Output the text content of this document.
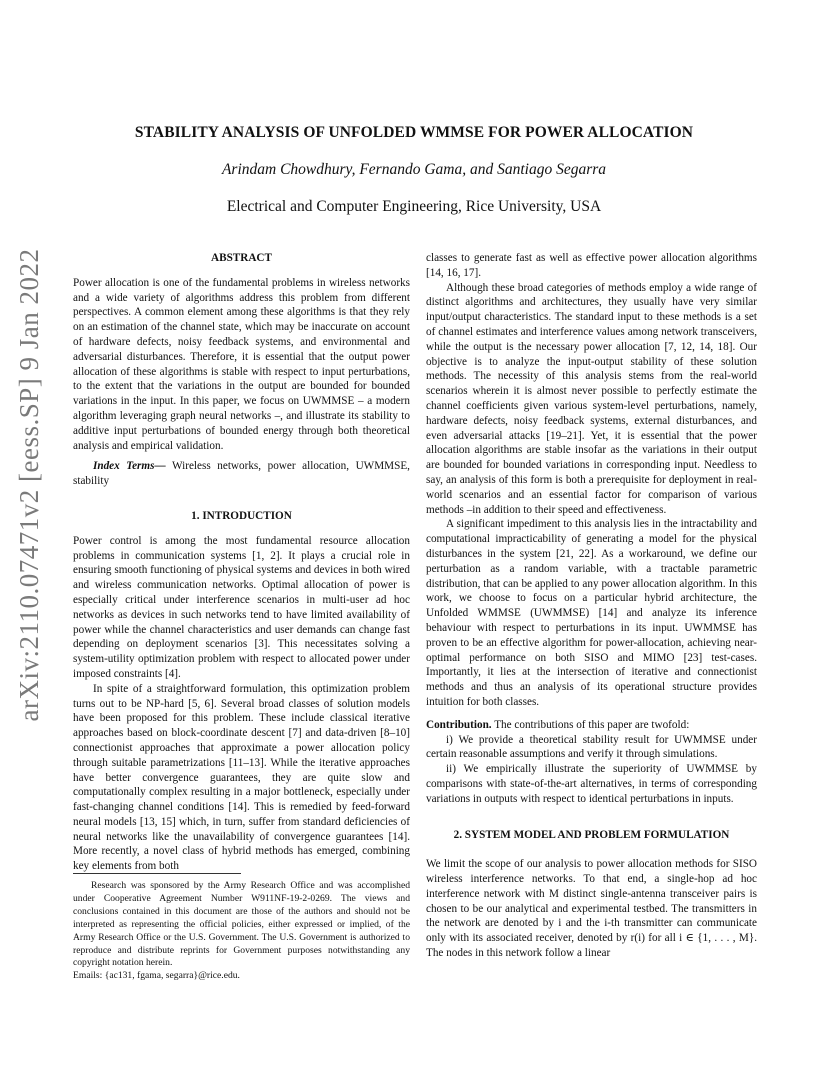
arXiv:2110.07471v2 [eess.SP] 9 Jan 2022
STABILITY ANALYSIS OF UNFOLDED WMMSE FOR POWER ALLOCATION
Arindam Chowdhury, Fernando Gama, and Santiago Segarra
Electrical and Computer Engineering, Rice University, USA

ABSTRACT

Power allocation is one of the fundamental problems in wireless networks and a wide variety of algorithms address this problem from different perspectives. A common element among these algorithms is that they rely on an estimation of the channel state, which may be inaccurate on account of hardware defects, noisy feedback systems, and environmental and adversarial disturbances. Therefore, it is essential that the output power allocation of these algorithms is stable with respect to input perturbations, to the extent that the variations in the output are bounded for bounded variations in the input. In this paper, we focus on UWMMSE – a modern algorithm leveraging graph neural networks –, and illustrate its stability to additive input perturbations of bounded energy through both theoretical analysis and empirical validation.

Index Terms— Wireless networks, power allocation, UWMMSE, stability

1. INTRODUCTION

Power control is among the most fundamental resource allocation problems in communication systems [1, 2]. It plays a crucial role in ensuring smooth functioning of physical systems and devices in both wired and wireless communication networks. Optimal allocation of power is especially critical under interference scenarios in multi-user ad hoc networks as devices in such networks tend to have limited availability of power while the channel characteristics and user demands can change fast depending on deployment scenarios [3]. This necessitates solving a system-utility optimization problem with respect to allocated power under imposed constraints [4].

In spite of a straightforward formulation, this optimization problem turns out to be NP-hard [5, 6]. Several broad classes of solution models have been proposed for this problem. These include classical iterative approaches based on block-coordinate descent [7] and data-driven [8–10] connectionist approaches that approximate a power allocation policy through suitable parametrizations [11–13]. While the iterative approaches have better convergence guarantees, they are quite slow and computationally complex resulting in a major bottleneck, especially under fast-changing channel conditions [14]. This is remedied by feed-forward neural models [13, 15] which, in turn, suffer from standard deficiencies of neural networks like the unavailability of convergence guarantees [14]. More recently, a novel class of hybrid methods has emerged, combining key elements from both

Research was sponsored by the Army Research Office and was accomplished under Cooperative Agreement Number W911NF-19-2-0269. The views and conclusions contained in this document are those of the authors and should not be interpreted as representing the official policies, either expressed or implied, of the Army Research Office or the U.S. Government. The U.S. Government is authorized to reproduce and distribute reprints for Government purposes notwithstanding any copyright notation herein.

Emails: {ac131, fgama, segarra}@rice.edu.

classes to generate fast as well as effective power allocation algorithms [14, 16, 17].

Although these broad categories of methods employ a wide range of distinct algorithms and architectures, they usually have very similar input/output characteristics. The standard input to these methods is a set of channel estimates and interference values among network transceivers, while the output is the necessary power allocation [7, 12, 14, 18]. Our objective is to analyze the input-output stability of these solution methods. The necessity of this analysis stems from the real-world scenarios wherein it is almost never possible to perfectly estimate the channel coefficients given various system-level perturbations, namely, hardware defects, noisy feedback systems, external disturbances, and even adversarial attacks [19–21]. Yet, it is essential that the power allocation algorithms are stable insofar as the variations in their output are bounded for bounded variations in corresponding input. Needless to say, an analysis of this form is both a prerequisite for deployment in real-world scenarios and an essential factor for comparison of various methods –in addition to their speed and effectiveness.

A significant impediment to this analysis lies in the intractability and computational impracticability of generating a model for the physical disturbances in the system [21, 22]. As a workaround, we define our perturbation as a random variable, with a tractable parametric distribution, that can be applied to any power allocation algorithm. In this work, we choose to focus on a particular hybrid architecture, the Unfolded WMMSE (UWMMSE) [14] and analyze its inference behaviour with respect to perturbations in its input. UWMMSE has proven to be an effective algorithm for power-allocation, achieving near-optimal performance on both SISO and MIMO [23] test-cases. Importantly, it lies at the intersection of iterative and connectionist methods and thus an analysis of its operational structure provides intuition for both classes.

Contribution. The contributions of this paper are twofold:

i) We provide a theoretical stability result for UWMMSE under certain reasonable assumptions and verify it through simulations.

ii) We empirically illustrate the superiority of UWMMSE by comparisons with state-of-the-art alternatives, in terms of corresponding variations in outputs with respect to identical perturbations in inputs.

2. SYSTEM MODEL AND PROBLEM FORMULATION

We limit the scope of our analysis to power allocation methods for SISO wireless interference networks. To that end, a single-hop ad hoc interference network with M distinct single-antenna transceiver pairs is chosen to be our analytical and experimental testbed. The transmitters in the network are denoted by i and the i-th transmitter can communicate only with its associated receiver, denoted by r(i) for all i ∈ {1, . . . , M}. The nodes in this network follow a linear
